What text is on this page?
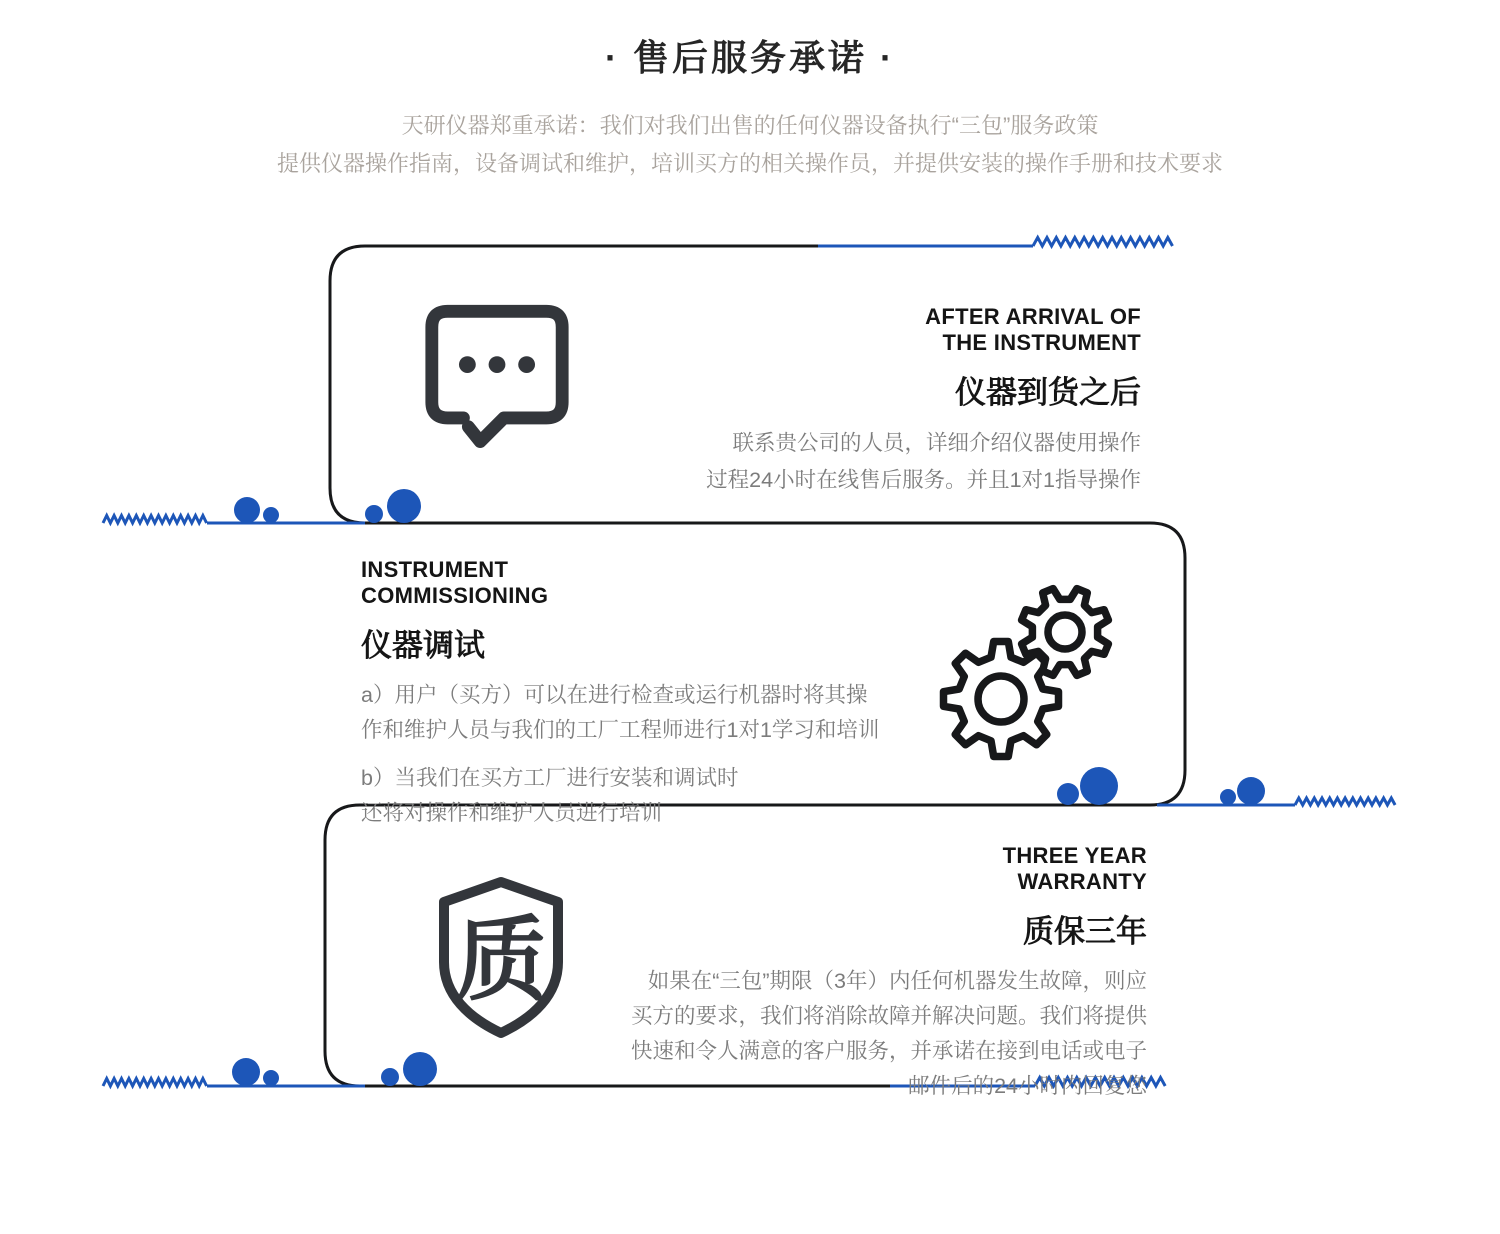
· 售后服务承诺 ·

天研仪器郑重承诺：我们对我们出售的任何仪器设备执行“三包”服务政策

提供仪器操作指南，设备调试和维护，培训买方的相关操作员，并提供安装的操作手册和技术要求

AFTER ARRIVAL OF
THE INSTRUMENT
仪器到货之后
联系贵公司的人员，详细介绍仪器使用操作
过程24小时在线售后服务。并且1对1指导操作
INSTRUMENT
COMMISSIONING
仪器调试
a）用户（买方）可以在进行检查或运行机器时将其操
作和维护人员与我们的工厂工程师进行1对1学习和培训
b）当我们在买方工厂进行安装和调试时
还将对操作和维护人员进行培训
质
THREE YEAR
WARRANTY
质保三年
如果在“三包”期限（3年）内任何机器发生故障，则应
买方的要求，我们将消除故障并解决问题。我们将提供
快速和令人满意的客户服务，并承诺在接到电话或电子
邮件后的24小时内回复您
